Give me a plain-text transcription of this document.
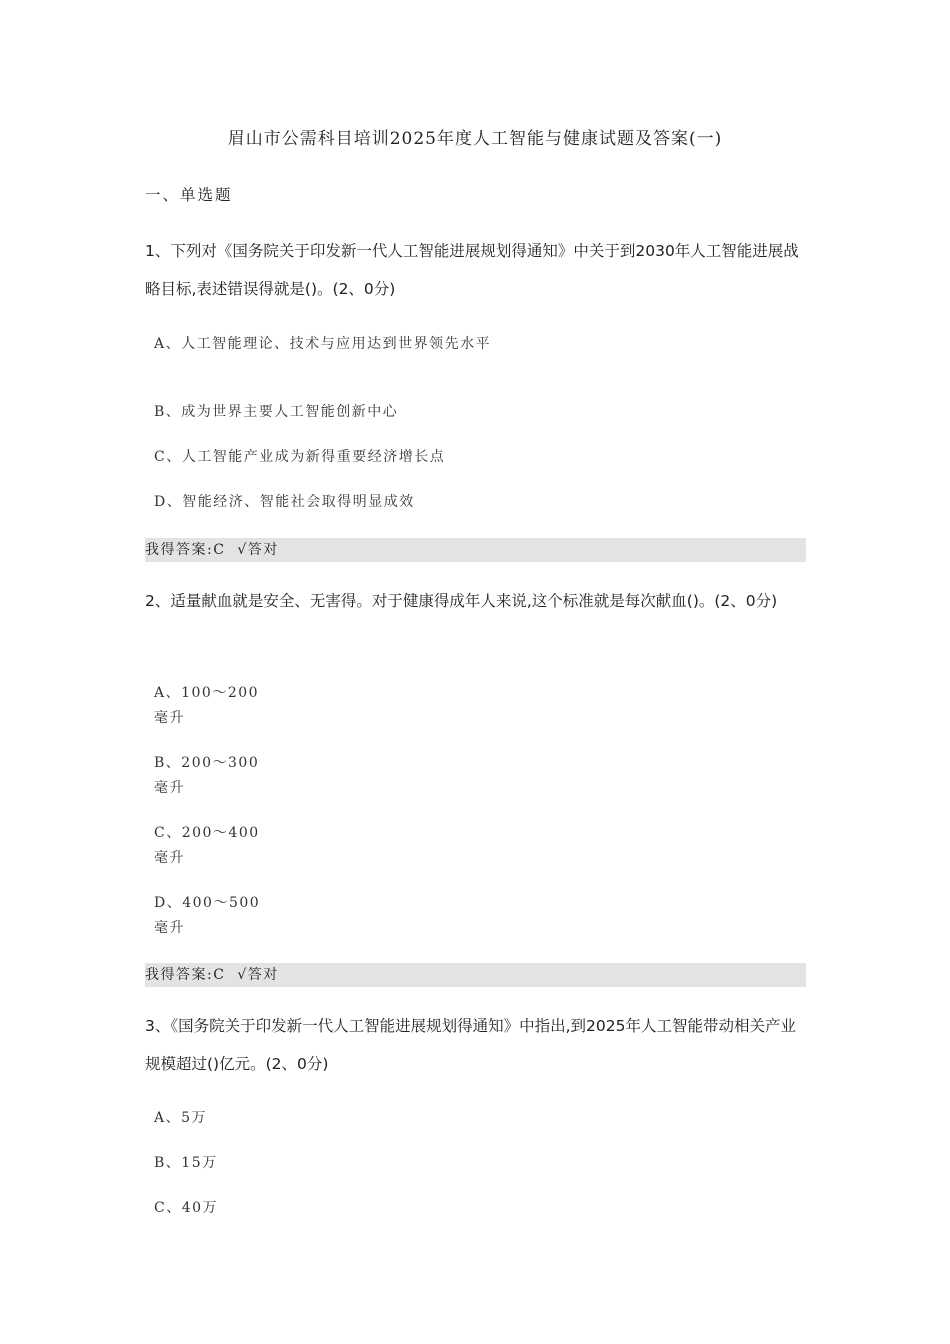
眉山市公需科目培训2025年度人工智能与健康试题及答案(一)
一、单选题
1、下列对《国务院关于印发新一代人工智能进展规划得通知》中关于到2030年人工智能进展战略目标,表述错误得就是()。(2、0分)
A、人工智能理论、技术与应用达到世界领先水平
B、成为世界主要人工智能创新中心
C、人工智能产业成为新得重要经济增长点
D、智能经济、智能社会取得明显成效
我得答案:C  √答对
2、适量献血就是安全、无害得。对于健康得成年人来说,这个标准就是每次献血()。(2、0分)
A、100～200毫升
B、200～300毫升
C、200～400毫升
D、400～500毫升
我得答案:C  √答对
3、《国务院关于印发新一代人工智能进展规划得通知》中指出,到2025年人工智能带动相关产业规模超过()亿元。(2、0分)
A、5万
B、15万
C、40万
